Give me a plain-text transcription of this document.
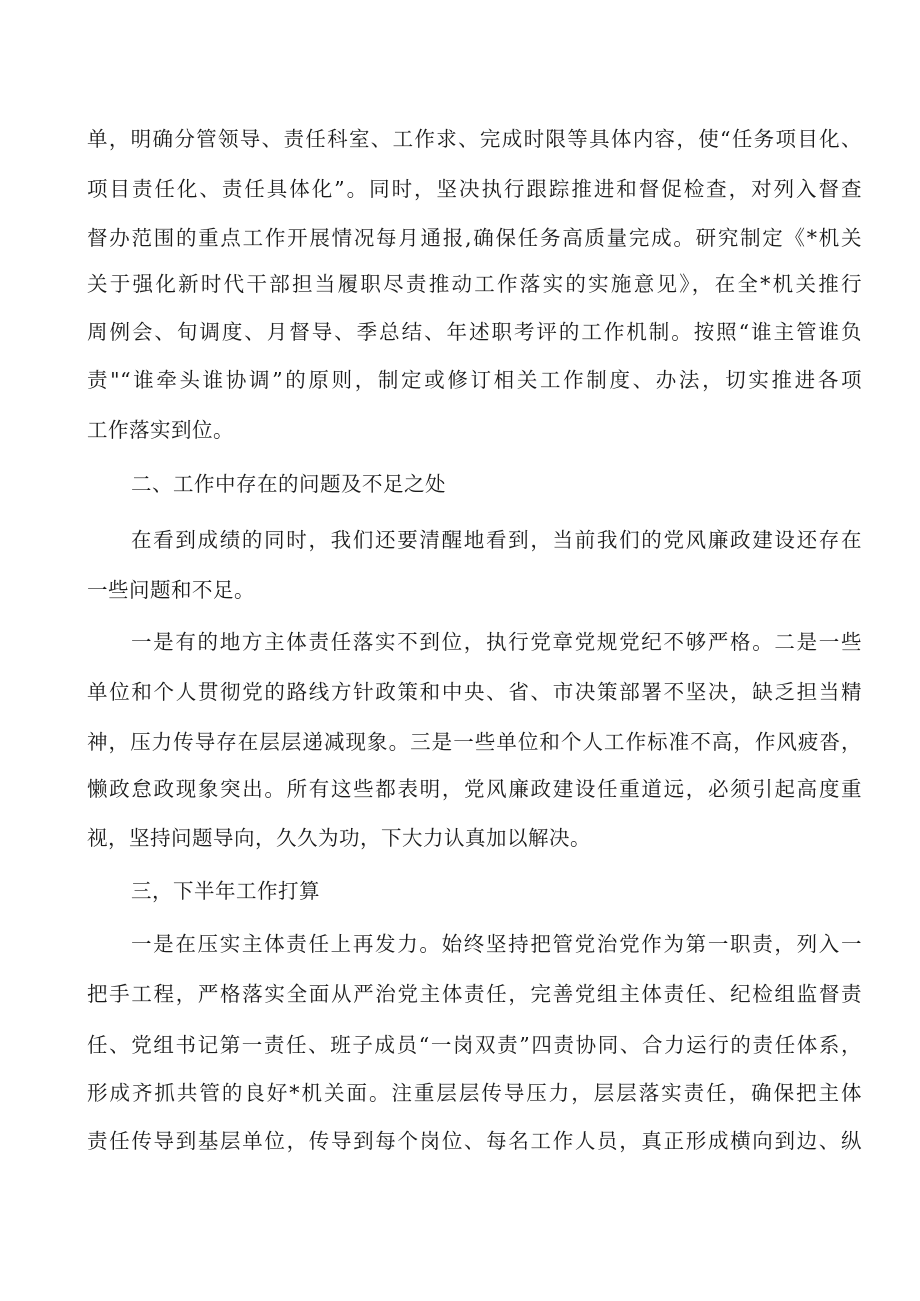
单，明确分管领导、责任科室、工作求、完成时限等具体内容，使“任务项目化、
项目责任化、责任具体化”。同时，坚决执行跟踪推进和督促检查，对列入督查
督办范围的重点工作开展情况每月通报,确保任务高质量完成。研究制定《*机关
关于强化新时代干部担当履职尽责推动工作落实的实施意见》，在全*机关推行
周例会、旬调度、月督导、季总结、年述职考评的工作机制。按照“谁主管谁负
责"“谁牵头谁协调”的原则，制定或修订相关工作制度、办法，切实推进各项
工作落实到位。
二、工作中存在的问题及不足之处
在看到成绩的同时，我们还要清醒地看到，当前我们的党风廉政建设还存在
一些问题和不足。
一是有的地方主体责任落实不到位，执行党章党规党纪不够严格。二是一些
单位和个人贯彻党的路线方针政策和中央、省、市决策部署不坚决，缺乏担当精
神，压力传导存在层层递减现象。三是一些单位和个人工作标准不高，作风疲沓，
懒政怠政现象突出。所有这些都表明，党风廉政建设任重道远，必须引起高度重
视，坚持问题导向，久久为功，下大力认真加以解决。
三，下半年工作打算
一是在压实主体责任上再发力。始终坚持把管党治党作为第一职责，列入一
把手工程，严格落实全面从严治党主体责任，完善党组主体责任、纪检组监督责
任、党组书记第一责任、班子成员“一岗双责”四责协同、合力运行的责任体系，
形成齐抓共管的良好*机关面。注重层层传导压力，层层落实责任，确保把主体
责任传导到基层单位，传导到每个岗位、每名工作人员，真正形成横向到边、纵
